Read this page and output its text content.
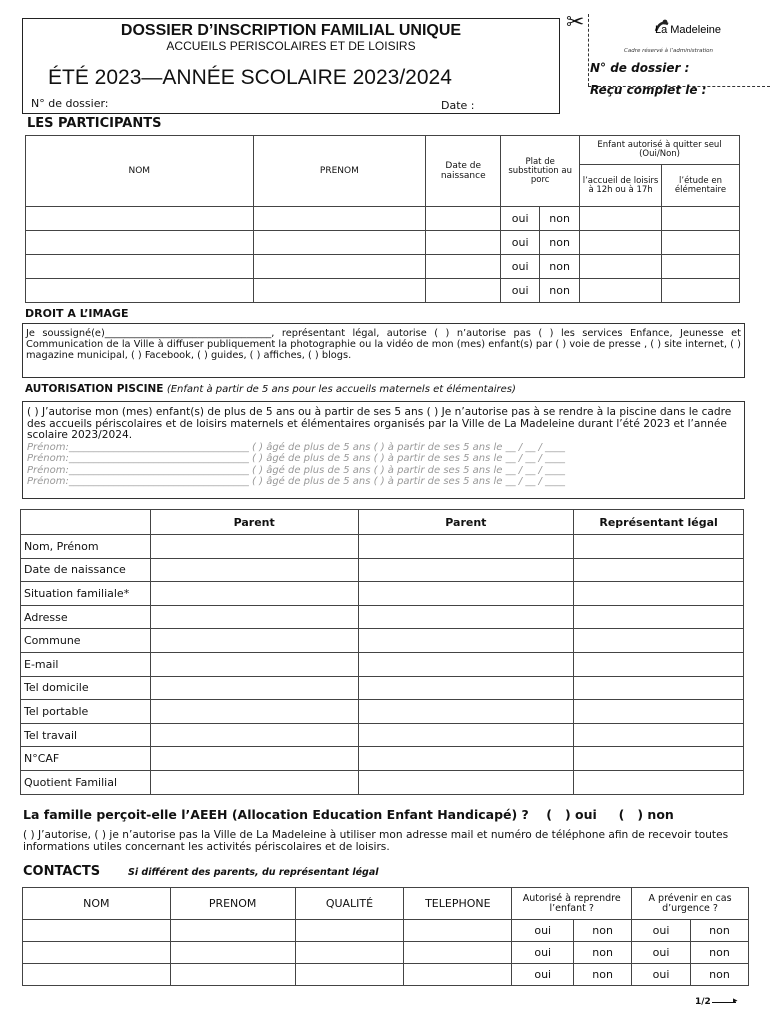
DOSSIER D’INSCRIPTION FAMILIAL UNIQUE
ACCUEILS PERISCOLAIRES ET DE LOISIRS
ÉTÉ 2023—ANNÉE SCOLAIRE 2023/2024
N° de dossier:	Date :
✂	La Madeleine
Cadre réservé à l’administration
N° de dossier :
Reçu complet le :
LES PARTICIPANTS
NOM	PRENOM	Date de naissance	Plat de substitution au porc		Enfant autorisé à quitter seul (Oui/Non)	
					l’accueil de loisirs à 12h ou à 17h	l’étude en élémentaire
			oui	non		
			oui	non		
			oui	non		
			oui	non		
DROIT A L’IMAGE
Je soussigné(e)__________________________________, représentant légal, autorise ( ) n’autorise pas ( ) les services Enfance, Jeunesse et Communication de la Ville à diffuser publiquement la photographie ou la vidéo de mon (mes) enfant(s) par ( ) voie de presse , ( ) site internet, ( ) magazine municipal, ( ) Facebook, ( ) guides, ( ) affiches, ( ) blogs.
AUTORISATION PISCINE (Enfant à partir de 5 ans pour les accueils maternels et élémentaires)
( ) J’autorise mon (mes) enfant(s) de plus de 5 ans ou à partir de ses 5 ans ( ) Je n’autorise pas à se rendre à la piscine dans le cadre des accueils périscolaires et de loisirs maternels et élémentaires organisés par la Ville de La Madeleine durant l’été 2023 et l’année scolaire 2023/2024.
Prénom:____________________________________ ( ) âgé de plus de 5 ans ( ) à partir de ses 5 ans le __ / __ / ____
Prénom:____________________________________ ( ) âgé de plus de 5 ans ( ) à partir de ses 5 ans le __ / __ / ____
Prénom:____________________________________ ( ) âgé de plus de 5 ans ( ) à partir de ses 5 ans le __ / __ / ____
Prénom:____________________________________ ( ) âgé de plus de 5 ans ( ) à partir de ses 5 ans le __ / __ / ____
	Parent	Parent	Représentant légal
Nom, Prénom			
Date de naissance			
Situation familiale*			
Adresse			
Commune			
E-mail			
Tel domicile			
Tel portable			
Tel travail			
N°CAF			
Quotient Familial			
La famille perçoit-elle l’AEEH (Allocation Education Enfant Handicapé) ?    (   ) oui     (   ) non
( ) J’autorise, ( ) je n’autorise pas la Ville de La Madeleine à utiliser mon adresse mail et numéro de téléphone afin de recevoir toutes informations utiles concernant les activités périscolaires et de loisirs.
CONTACTS	Si différent des parents, du représentant légal
NOM	PRENOM	QUALITÉ	TELEPHONE	Autorisé à reprendre l’enfant ?		A prévenir en cas d’urgence ?	
				oui	non	oui	non
				oui	non	oui	non
				oui	non	oui	non
1/2 ▸
